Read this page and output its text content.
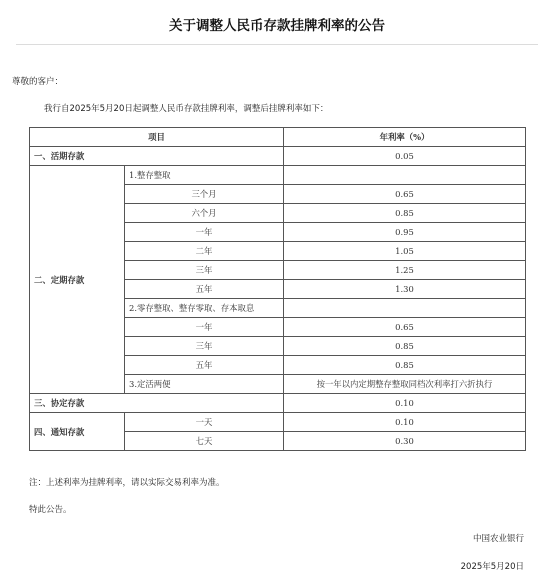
关于调整人民币存款挂牌利率的公告
尊敬的客户：
我行自2025年5月20日起调整人民币存款挂牌利率，调整后挂牌利率如下：
项目		年利率（%）
一、活期存款		0.05
二、定期存款	1.整存整取	
	三个月	0.65
	六个月	0.85
	一年	0.95
	二年	1.05
	三年	1.25
	五年	1.30
	2.零存整取、整存零取、存本取息	
	一年	0.65
	三年	0.85
	五年	0.85
	3.定活两便	按一年以内定期整存整取同档次利率打六折执行
三、协定存款		0.10
四、通知存款	一天	0.10
	七天	0.30
注：上述利率为挂牌利率，请以实际交易利率为准。
特此公告。
中国农业银行
2025年5月20日
